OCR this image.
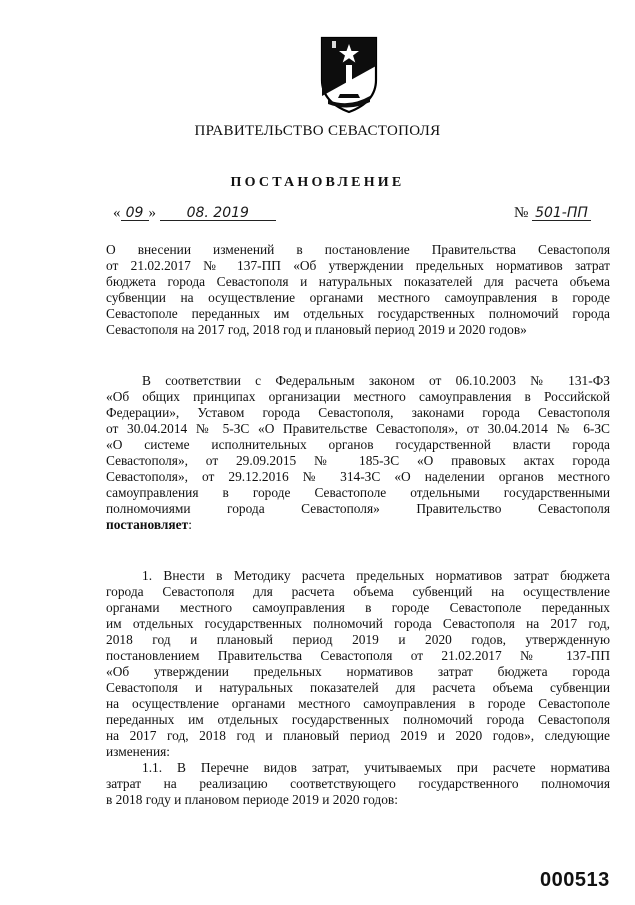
ПРАВИТЕЛЬСТВО СЕВАСТОПОЛЯ
ПОСТАНОВЛЕНИЕ
« 09 » 08. 2019	№ 501-ПП
О внесении изменений в постановление Правительства Севастополя
от 21.02.2017 № 137-ПП «Об утверждении предельных нормативов затрат
бюджета города Севастополя и натуральных показателей для расчета объема
субвенции на осуществление органами местного самоуправления в городе
Севастополе переданных им отдельных государственных полномочий города
Севастополя на 2017 год, 2018 год и плановый период 2019 и 2020 годов»
В соответствии с Федеральным законом от 06.10.2003 № 131-ФЗ
«Об общих принципах организации местного самоуправления в Российской
Федерации», Уставом города Севастополя, законами города Севастополя
от 30.04.2014 № 5-ЗС «О Правительстве Севастополя», от 30.04.2014 № 6-ЗС
«О системе исполнительных органов государственной власти города
Севастополя», от 29.09.2015 № 185-ЗС «О правовых актах города
Севастополя», от 29.12.2016 № 314-ЗС «О наделении органов местного
самоуправления в городе Севастополе отдельными государственными
полномочиями города Севастополя» Правительство Севастополя
постановляет:
1. Внести в Методику расчета предельных нормативов затрат бюджета
города Севастополя для расчета объема субвенций на осуществление
органами местного самоуправления в городе Севастополе переданных
им отдельных государственных полномочий города Севастополя на 2017 год,
2018 год и плановый период 2019 и 2020 годов, утвержденную
постановлением Правительства Севастополя от 21.02.2017 № 137-ПП
«Об утверждении предельных нормативов затрат бюджета города
Севастополя и натуральных показателей для расчета объема субвенции
на осуществление органами местного самоуправления в городе Севастополе
переданных им отдельных государственных полномочий города Севастополя
на 2017 год, 2018 год и плановый период 2019 и 2020 годов», следующие
изменения:
1.1. В Перечне видов затрат, учитываемых при расчете норматива
затрат на реализацию соответствующего государственного полномочия
в 2018 году и плановом периоде 2019 и 2020 годов:
000513
